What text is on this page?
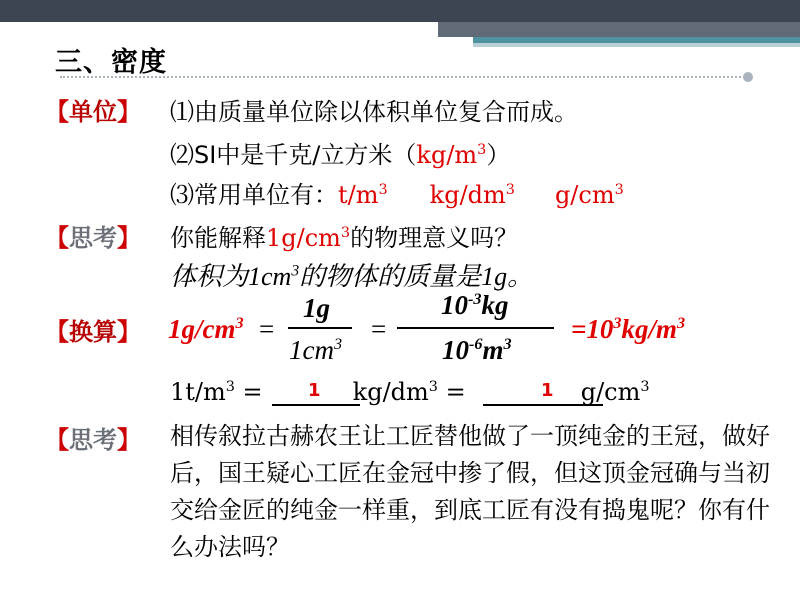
三、密度
【单位】 ⑴由质量单位除以体积单位复合而成。
⑵SI中是千克/立方米$(kg/m^3)$
⑶常用单位有：$t/m^3$ $kg/dm^3$ $g/cm^3$
【思考】 你能解释$1g/cm^3$的物理意义吗？
体积为$1cm^3$的物体的质量是1g。
【换算】 $1g/cm^3$ =
1g
$1cm^3$ =
$10^{-3}kg$
$10^{-6}m^3 =10^3kg/m^3$
$1t/m^3$ =	$kg/dm^3$ =	$g/cm^3$
1	1
【思考】 相传叙拉古赫农王让工匠替他做了一顶纯金的王冠，做好后，国王疑心工匠在金冠中掺了假，但这顶金冠确与当初交给金匠的纯金一样重，到底工匠有没有捣鬼呢？你有什么办法吗？
